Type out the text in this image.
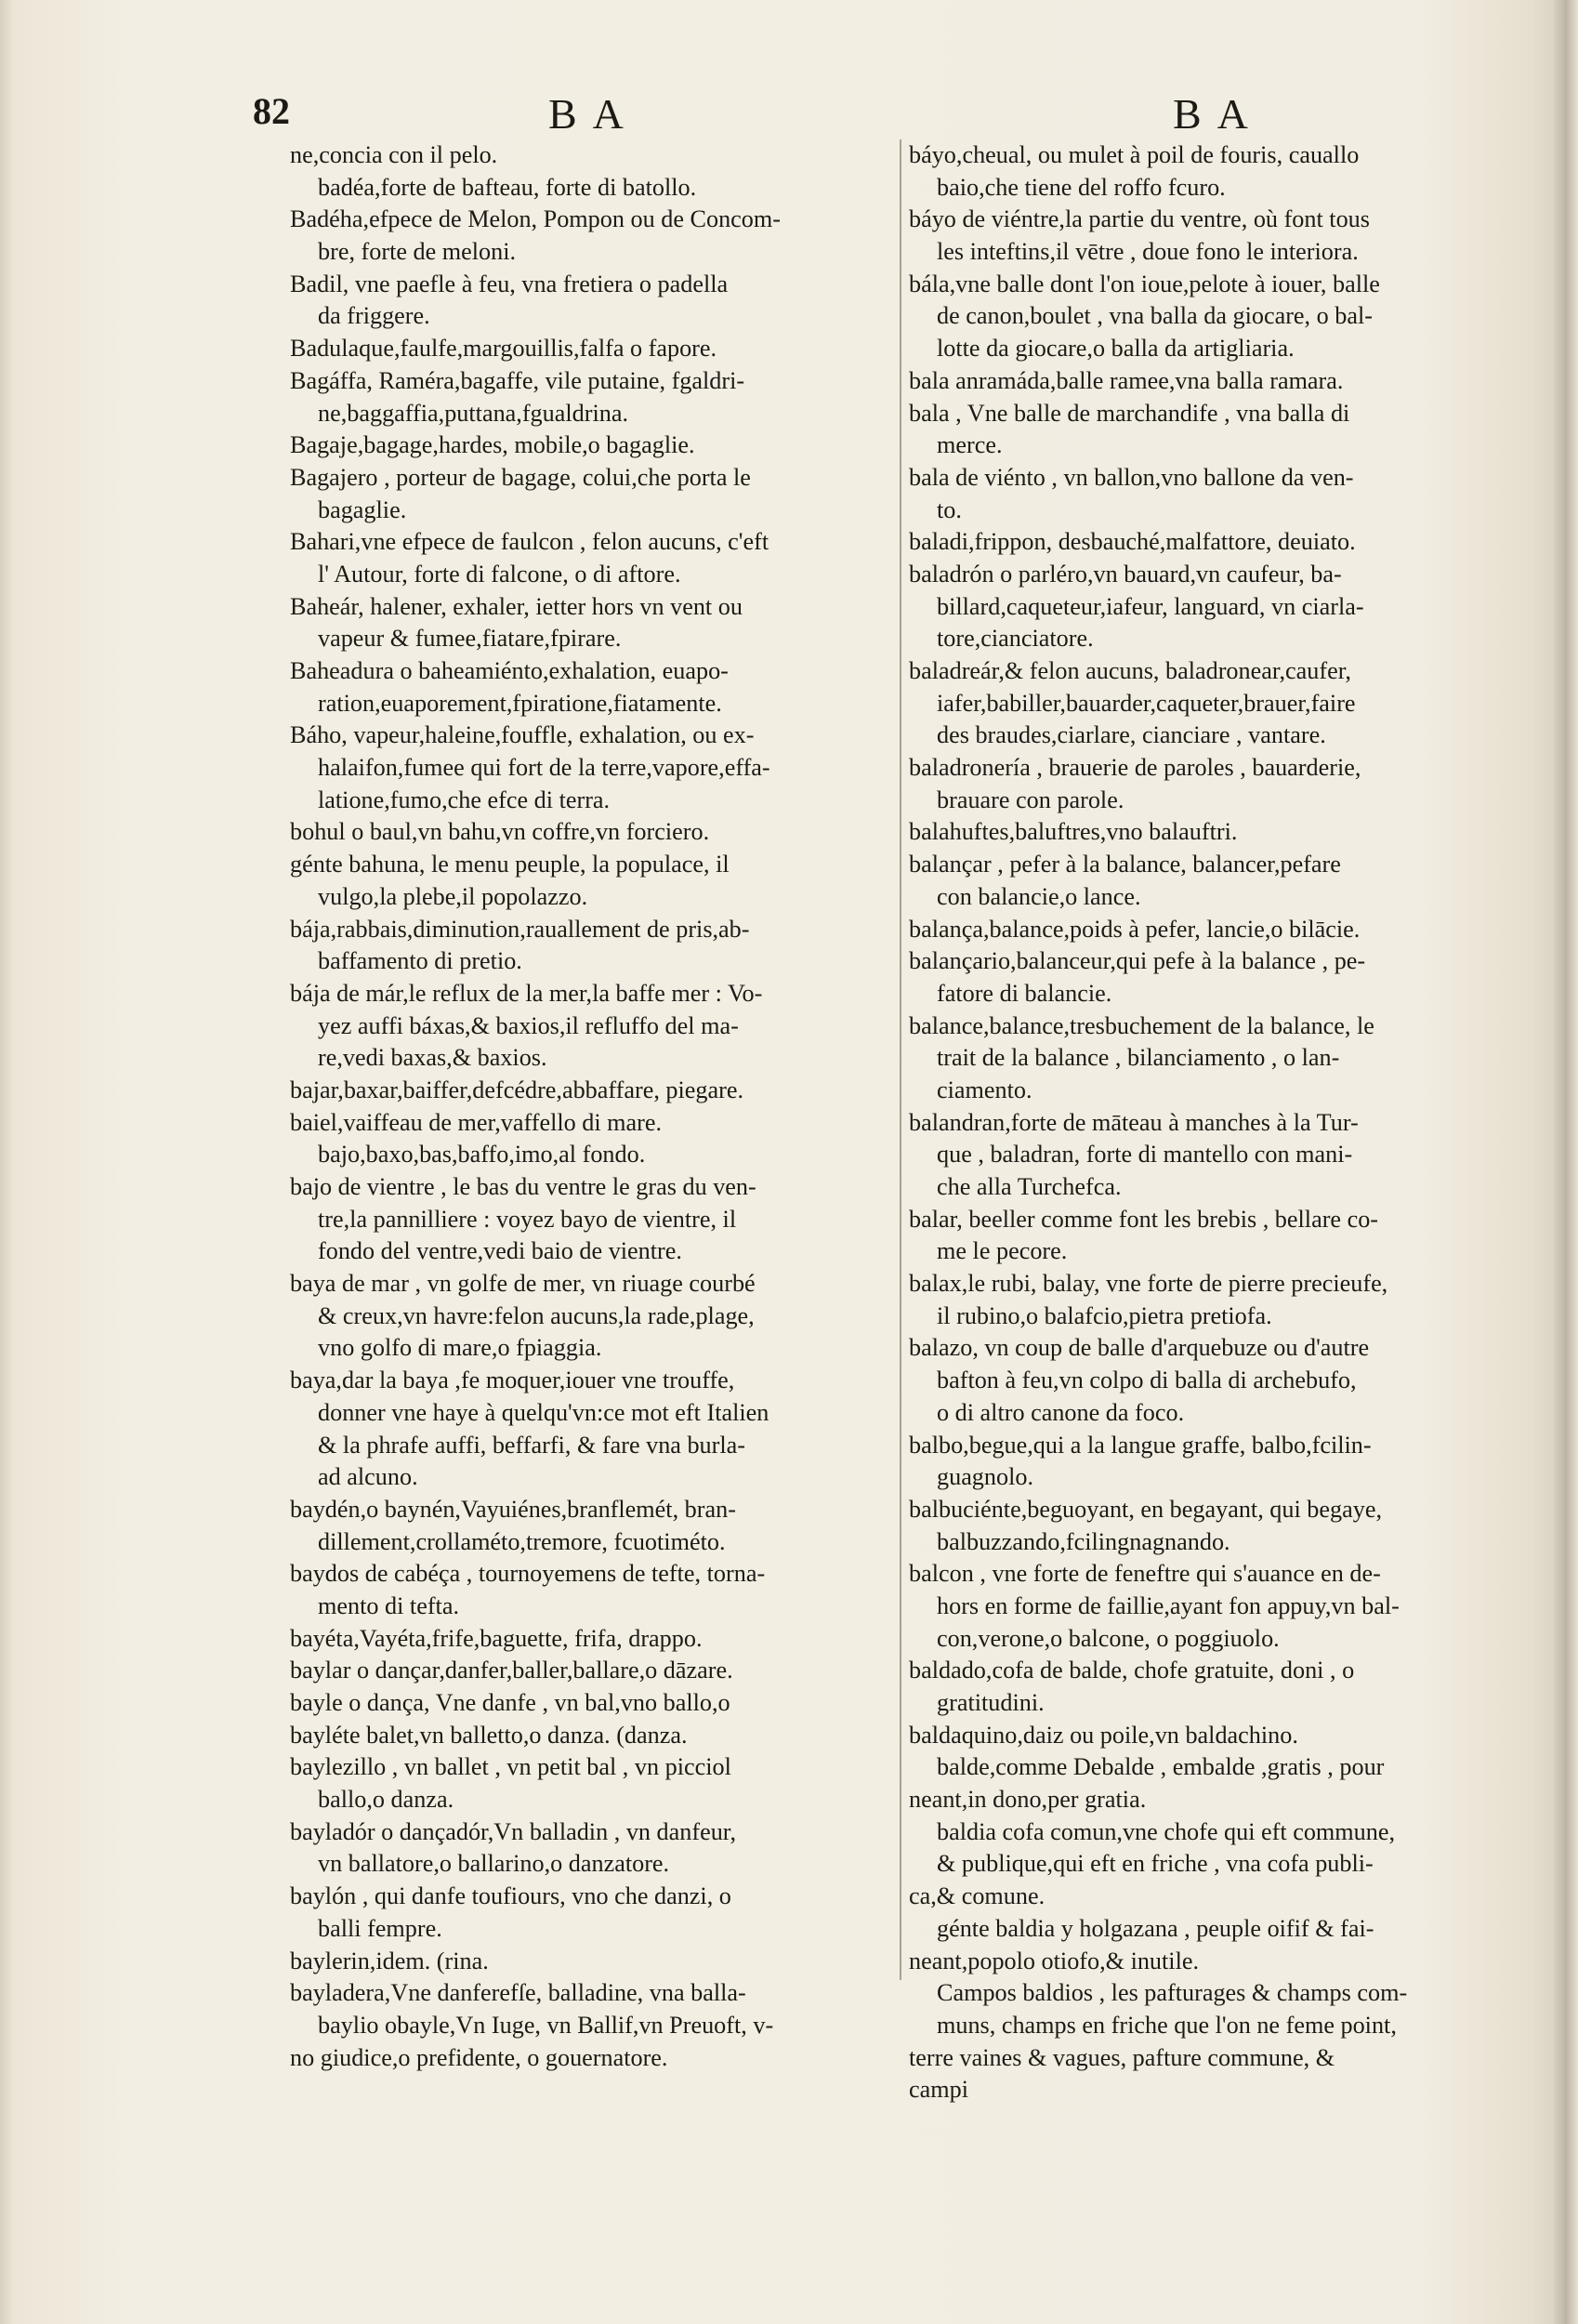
82	B A	B A
ne,concia con il pelo.
badéa,forte de bafteau, forte di batollo.
Badéha,efpece de Melon, Pompon ou de Concom-
bre, forte de meloni.
Badil, vne paefle à feu, vna fretiera o padella
da friggere.
Badulaque,faulfe,margouillis,falfa o fapore.
Bagáffa, Raméra,bagaffe, vile putaine, fgaldri-
ne,baggaffia,puttana,fgualdrina.
Bagaje,bagage,hardes, mobile,o bagaglie.
Bagajero , porteur de bagage, colui,che porta le
bagaglie.
Bahari,vne efpece de faulcon , felon aucuns, c'eft
l' Autour, forte di falcone, o di aftore.
Baheár, halener, exhaler, ietter hors vn vent ou
vapeur & fumee,fiatare,fpirare.
Baheadura o baheamiénto,exhalation, euapo-
ration,euaporement,fpiratione,fiatamente.
Báho, vapeur,haleine,fouffle, exhalation, ou ex-
halaifon,fumee qui fort de la terre,vapore,effa-
latione,fumo,che efce di terra.
bohul o baul,vn bahu,vn coffre,vn forciero.
génte bahuna, le menu peuple, la populace, il
vulgo,la plebe,il popolazzo.
bája,rabbais,diminution,rauallement de pris,ab-
baffamento di pretio.
bája de már,le reflux de la mer,la baffe mer : Vo-
yez auffi báxas,& baxios,il refluffo del ma-
re,vedi baxas,& baxios.
bajar,baxar,baiffer,defcédre,abbaffare, piegare.
baiel,vaiffeau de mer,vaffello di mare.
bajo,baxo,bas,baffo,imo,al fondo.
bajo de vientre , le bas du ventre le gras du ven-
tre,la pannilliere : voyez bayo de vientre, il
fondo del ventre,vedi baio de vientre.
baya de mar , vn golfe de mer, vn riuage courbé
& creux,vn havre:felon aucuns,la rade,plage,
vno golfo di mare,o fpiaggia.
baya,dar la baya ,fe moquer,iouer vne trouffe,
donner vne haye à quelqu'vn:ce mot eft Italien
& la phrafe auffi, beffarfi, & fare vna burla-
ad alcuno.
baydén,o baynén,Vayuiénes,branflemét, bran-
dillement,crollaméto,tremore, fcuotiméto.
baydos de cabéça , tournoyemens de tefte, torna-
mento di tefta.
bayéta,Vayéta,frife,baguette, frifa, drappo.
baylar o dançar,danfer,baller,ballare,o dāzare.
bayle o dança, Vne danfe , vn bal,vno ballo,o
bayléte balet,vn balletto,o danza. (danza.
baylezillo , vn ballet , vn petit bal , vn picciol
ballo,o danza.
bayladór o dançadór,Vn balladin , vn danfeur,
vn ballatore,o ballarino,o danzatore.
baylón , qui danfe toufiours, vno che danzi, o
balli fempre.
baylerin,idem. (rina.
bayladera,Vne danferefſe, balladine, vna balla-
baylio obayle,Vn Iuge, vn Ballif,vn Preuoft, v-
no giudice,o prefidente, o gouernatore.
báyo,cheual, ou mulet à poil de fouris, cauallo
baio,che tiene del roffo fcuro.
báyo de viéntre,la partie du ventre, où font tous
les inteftins,il vētre , doue fono le interiora.
bála,vne balle dont l'on ioue,pelote à iouer, balle
de canon,boulet , vna balla da giocare, o bal-
lotte da giocare,o balla da artigliaria.
bala anramáda,balle ramee,vna balla ramara.
bala , Vne balle de marchandife , vna balla di
merce.
bala de viénto , vn ballon,vno ballone da ven-
to.
baladi,frippon, desbauché,malfattore, deuiato.
baladrón o parléro,vn bauard,vn caufeur, ba-
billard,caqueteur,iafeur, languard, vn ciarla-
tore,cianciatore.
baladreár,& felon aucuns, baladronear,caufer,
iafer,babiller,bauarder,caqueter,brauer,faire
des braudes,ciarlare, cianciare , vantare.
baladronería , brauerie de paroles , bauarderie,
brauare con parole.
balahuftes,baluftres,vno balauftri.
balançar , pefer à la balance, balancer,pefare
con balancie,o lance.
balança,balance,poids à pefer, lancie,o bilācie.
balançario,balanceur,qui pefe à la balance , pe-
fatore di balancie.
balance,balance,tresbuchement de la balance, le
trait de la balance , bilanciamento , o lan-
ciamento.
balandran,forte de māteau à manches à la Tur-
que , baladran, forte di mantello con mani-
che alla Turchefca.
balar, beeller comme font les brebis , bellare co-
me le pecore.
balax,le rubi, balay, vne forte de pierre precieufe,
il rubino,o balafcio,pietra pretiofa.
balazo, vn coup de balle d'arquebuze ou d'autre
bafton à feu,vn colpo di balla di archebufo,
o di altro canone da foco.
balbo,begue,qui a la langue graffe, balbo,fcilin-
guagnolo.
balbuciénte,beguoyant, en begayant, qui begaye,
balbuzzando,fcilingnagnando.
balcon , vne forte de feneftre qui s'auance en de-
hors en forme de faillie,ayant fon appuy,vn bal-
con,verone,o balcone, o poggiuolo.
baldado,cofa de balde, chofe gratuite, doni , o
gratitudini.
baldaquino,daiz ou poile,vn baldachino.
balde,comme Debalde , embalde ,gratis , pour
neant,in dono,per gratia.
baldia cofa comun,vne chofe qui eft commune,
& publique,qui eft en friche , vna cofa publi-
ca,& comune.
génte baldia y holgazana , peuple oifif & fai-
neant,popolo otiofo,& inutile.
Campos baldios , les pafturages & champs com-
muns, champs en friche que l'on ne feme point,
terre vaines & vagues, pafture commune, &
campi
